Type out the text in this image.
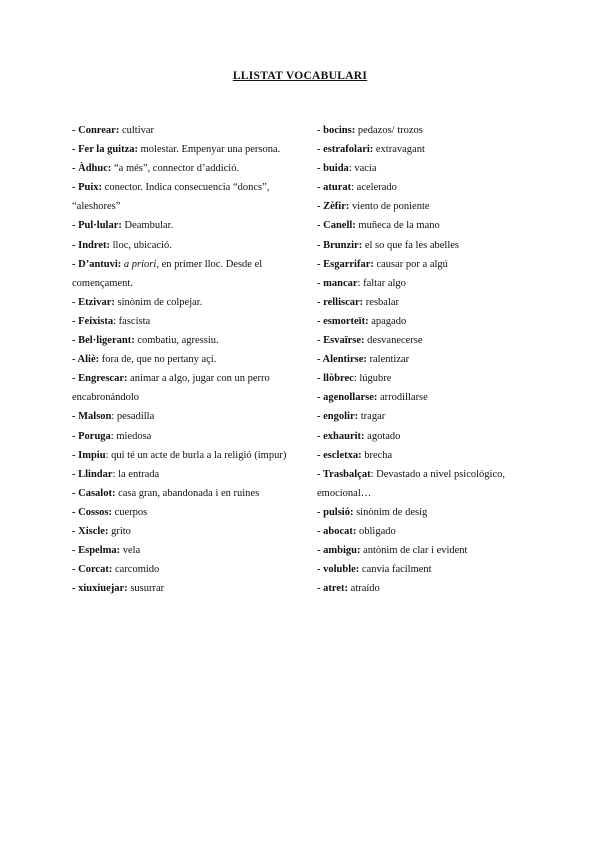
LLISTAT VOCABULARI

- Conrear: cultivar

- Fer la guitza: molestar. Empenyar una persona.

- Àdhuc: “a més”, connector d’addició.

- Puix: conector. Indica consecuencia “doncs”, “aleshores”

- Pul·lular: Deambular.

- Indret: lloc, ubicació.

- D’antuvi: a priori, en primer lloc. Desde el començament.

- Etzivar: sinònim de colpejar.

- Feixista: fascista

- Bel·ligerant: combatiu, agressiu.

- Aliè: fora de, que no pertany açí.

- Engrescar: animar a algo, jugar con un perro encabronándolo

- Malson: pesadilla

- Poruga: miedosa

- Impiu: qui té un acte de burla a la religió (impur)

- Llindar: la entrada

- Casalot: casa gran, abandonada i en ruines

- Cossos: cuerpos

- Xiscle: grito

- Espelma: vela

- Corcat: carcomido

- xiuxiuejar: susurrar

- bocins: pedazos/ trozos

- estrafolari: extravagant

- buida: vacía

- aturat: acelerado

- Zèfir: viento de poniente

- Canell: muñeca de la mano

- Brunzir: el so que fa les abelles

- Esgarrifar: causar por a algú

- mancar: faltar algo

- relliscar: resbalar

- esmorteït: apagado

- Esvaïrse: desvanecerse

- Alentirse: ralentizar

- llòbrec: lúgubre

- agenollarse: arrodillarse

- engolir: tragar

- exhaurit: agotado

- escletxa: brecha

- Trasbalçat: Devastado a nivel psicológico, emocional…

- pulsió: sinònim de desig

- abocat: obligado

- ambigu: antònim de clar i evident

- voluble: canvia facilment

- atret: atraído
